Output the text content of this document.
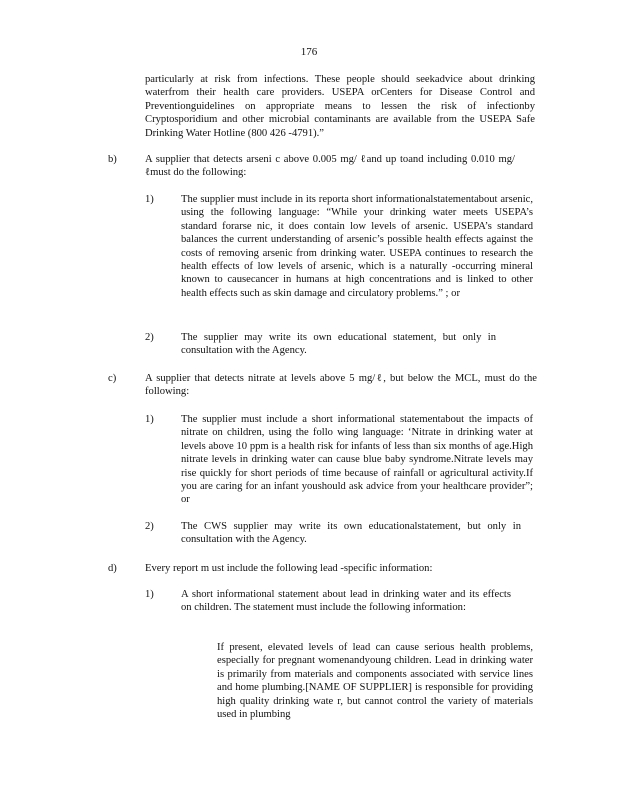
176
particularly at risk from infections. These people should seekadvice about drinking waterfrom their health care providers. USEPA orCenters for Disease Control and Preventionguidelines on appropriate means to lessen the risk of infectionby Cryptosporidium and other microbial contaminants are available from the USEPA Safe Drinking Water Hotline (800 426 -4791).”
b)	A supplier that detects arseni c above 0.005 mg/ ℓand up toand including 0.010 mg/ ℓmust do the following:
1)	The supplier must include in its reporta short informationalstatementabout arsenic, using the following language: “While your drinking water meets USEPA’s standard forarse nic, it does contain low levels of arsenic. USEPA’s standard balances the current understanding of arsenic’s possible health effects against the costs of removing arsenic from drinking water. USEPA continues to research the health effects of low levels of arsenic, which is a naturally -occurring mineral known to causecancer in humans at high concentrations and is linked to other health effects such as skin damage and circulatory problems.” ; or
2)	The supplier may write its own educational statement, but only in consultation with the Agency.
c)	A supplier that detects nitrate at levels above 5 mg/ℓ, but below the MCL, must do the following:
1)	The supplier must include a short informational statementabout the impacts of nitrate on children, using the follo wing language: ‘Nitrate in drinking water at levels above 10 ppm is a health risk for infants of less than six months of age.High nitrate levels in drinking water can cause blue baby syndrome.Nitrate levels may rise quickly for short periods of time because of rainfall or agricultural activity.If you are caring for an infant youshould ask advice from your healthcare provider”; or
2)	The CWS supplier may write its own educationalstatement, but only in consultation with the Agency.
d)	Every report m ust include the following lead -specific information:
1)	A short informational statement about lead in drinking water and its effects on children. The statement must include the following information:
If present, elevated levels of lead can cause serious health problems, especially for pregnant womenandyoung children. Lead in drinking water is primarily from materials and components associated with service lines and home plumbing.[NAME OF SUPPLIER] is responsible for providing high quality drinking wate r, but cannot control the variety of materials used in plumbing
